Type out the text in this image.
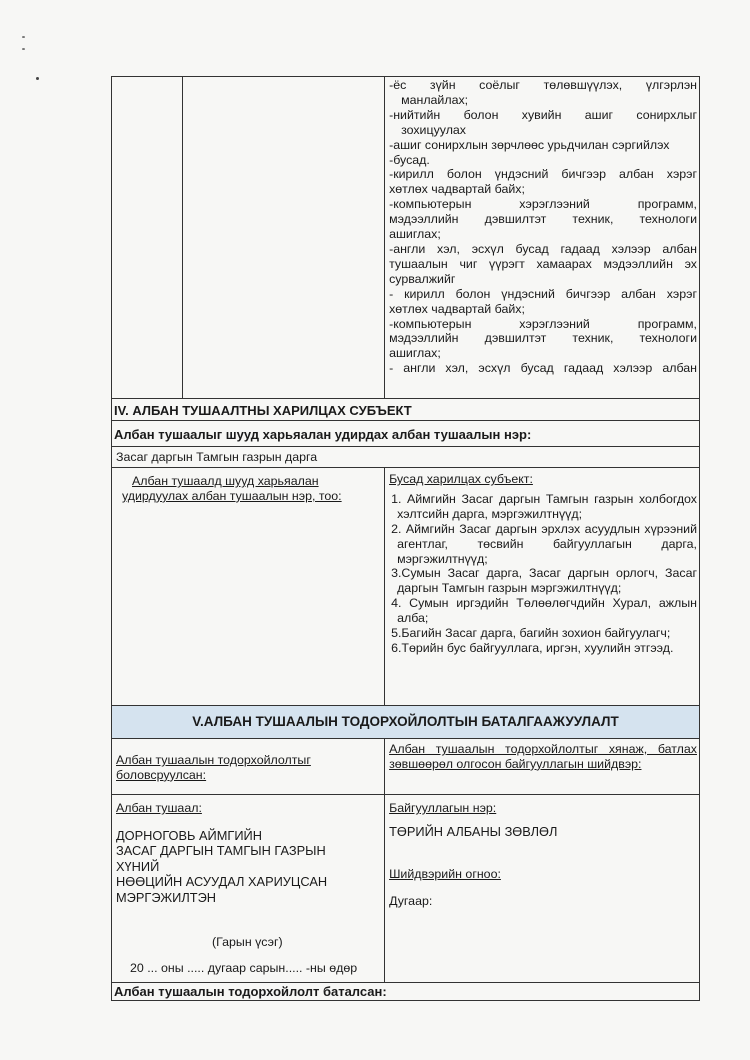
-ёс зүйн соёлыг төлөвшүүлэх, үлгэрлэн
манлайлах;
-нийтийн болон хувийн ашиг сонирхлыг
зохицуулах
-ашиг сонирхлын зөрчлөөс урьдчилан сэргийлэх
-бусад.
-кирилл болон үндэсний бичгээр албан хэрэг
хөтлөх чадвартай байх;
-компьютерын хэрэглээний программ,
мэдээллийн дэвшилтэт техник, технологи
ашиглах;
-англи хэл, эсхүл бусад гадаад хэлээр албан
тушаалын чиг үүрэгт хамаарах мэдээллийн эх
сурвалжийг
- кирилл болон үндэсний бичгээр албан хэрэг
хөтлөх чадвартай байх;
-компьютерын хэрэглээний программ,
мэдээллийн дэвшилтэт техник, технологи
ашиглах;
- англи хэл, эсхүл бусад гадаад хэлээр албан
IV. АЛБАН ТУШААЛТНЫ ХАРИЛЦАХ СУБЪЕКТ
Албан тушаалыг шууд харьяалан удирдах албан тушаалын нэр:
Засаг даргын Тамгын газрын дарга
Албан тушаалд шууд харьяалан
удирдуулах албан тушаалын нэр, тоо:
Бусад харилцах субъект:
1. Аймгийн Засаг даргын Тамгын газрын холбогдох хэлтсийн дарга, мэргэжилтнүүд;
2. Аймгийн Засаг даргын эрхлэх асуудлын хүрээний агентлаг, төсвийн байгууллагын дарга, мэргэжилтнүүд;
3.Сумын Засаг дарга, Засаг даргын орлогч, Засаг даргын Тамгын газрын мэргэжилтнүүд;
4. Сумын иргэдийн Төлөөлөгчдийн Хурал, ажлын алба;
5.Багийн Засаг дарга, багийн зохион байгуулагч;
6.Төрийн бус байгууллага, иргэн, хуулийн этгээд.
V.АЛБАН ТУШААЛЫН ТОДОРХОЙЛОЛТЫН БАТАЛГААЖУУЛАЛТ
Албан тушаалын тодорхойлолтыг
боловсруулсан:
Албан тушаалын тодорхойлолтыг хянаж, батлах зөвшөөрөл олгосон байгууллагын шийдвэр:
Албан тушаал:
ДОРНОГОВЬ АЙМГИЙН
ЗАСАГ ДАРГЫН ТАМГЫН ГАЗРЫН
ХҮНИЙ
НӨӨЦИЙН АСУУДАЛ ХАРИУЦСАН
МЭРГЭЖИЛТЭН
(Гарын үсэг)
20 ... оны ..... дугаар сарын..... -ны өдөр
Байгууллагын нэр:
ТӨРИЙН АЛБАНЫ ЗӨВЛӨЛ
Шийдвэрийн огноо:
Дугаар:
Албан тушаалын тодорхойлолт баталсан:
